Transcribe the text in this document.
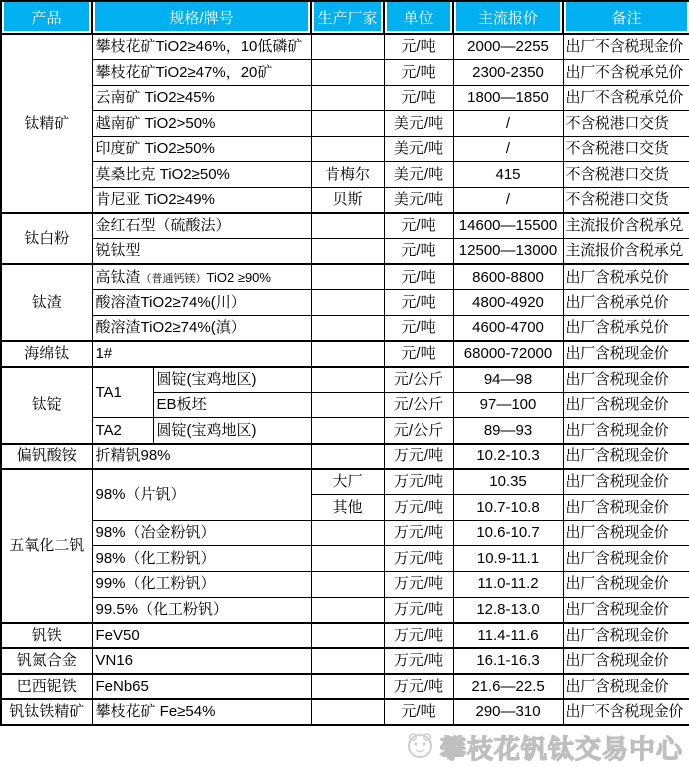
产品	规格/牌号		生产厂家	单位	主流报价	备注
钛精矿	攀枝花矿TiO2≥46%，10低磷矿			元/吨	2000—2255	出厂不含税现金价
	攀枝花矿TiO2≥47%，20矿			元/吨	2300-2350	出厂不含税承兑价
	云南矿 TiO2≥45%			元/吨	1800—1850	出厂不含税承兑价
	越南矿 TiO2>50%			美元/吨	/	不含税港口交货
	印度矿 TiO2≥50%			美元/吨	/	不含税港口交货
	莫桑比克 TiO2≥50%		肯梅尔	美元/吨	415	不含税港口交货
	肯尼亚 TiO2≥49%		贝斯	美元/吨	/	不含税港口交货
钛白粉	金红石型（硫酸法）			元/吨	14600—15500	主流报价含税承兑
	锐钛型			元/吨	12500—13000	主流报价含税承兑
钛渣	高钛渣（普通钙镁）TiO2 ≥90%			元/吨	8600-8800	出厂含税承兑价
	酸溶渣TiO2≥74%(川）			元/吨	4800-4920	出厂含税承兑价
	酸溶渣TiO2≥74%(滇）			元/吨	4600-4700	出厂含税承兑价
海绵钛	1#			元/吨	68000-72000	出厂含税现金价
钛锭	TA1	圆锭(宝鸡地区)		元/公斤	94—98	出厂含税现金价
		EB板坯		元/公斤	97—100	出厂含税现金价
	TA2	圆锭(宝鸡地区)		元/公斤	89—93	出厂含税现金价
偏钒酸铵	折精钒98%			万元/吨	10.2-10.3	出厂含税现金价
五氧化二钒	98%（片钒）		大厂	万元/吨	10.35	出厂含税现金价
			其他	万元/吨	10.7-10.8	出厂含税现金价
	98%（冶金粉钒）			万元/吨	10.6-10.7	出厂含税现金价
	98%（化工粉钒）			万元/吨	10.9-11.1	出厂含税现金价
	99%（化工粉钒）			万元/吨	11.0-11.2	出厂含税现金价
	99.5%（化工粉钒）			万元/吨	12.8-13.0	出厂含税现金价
钒铁	FeV50			万元/吨	11.4-11.6	出厂含税现金价
钒氮合金	VN16			万元/吨	16.1-16.3	出厂含税现金价
巴西铌铁	FeNb65			万元/吨	21.6—22.5	出厂含税现金价
钒钛铁精矿	攀枝花矿 Fe≥54%			元/吨	290—310	出厂不含税现金价
攀枝花钒钛交易中心
